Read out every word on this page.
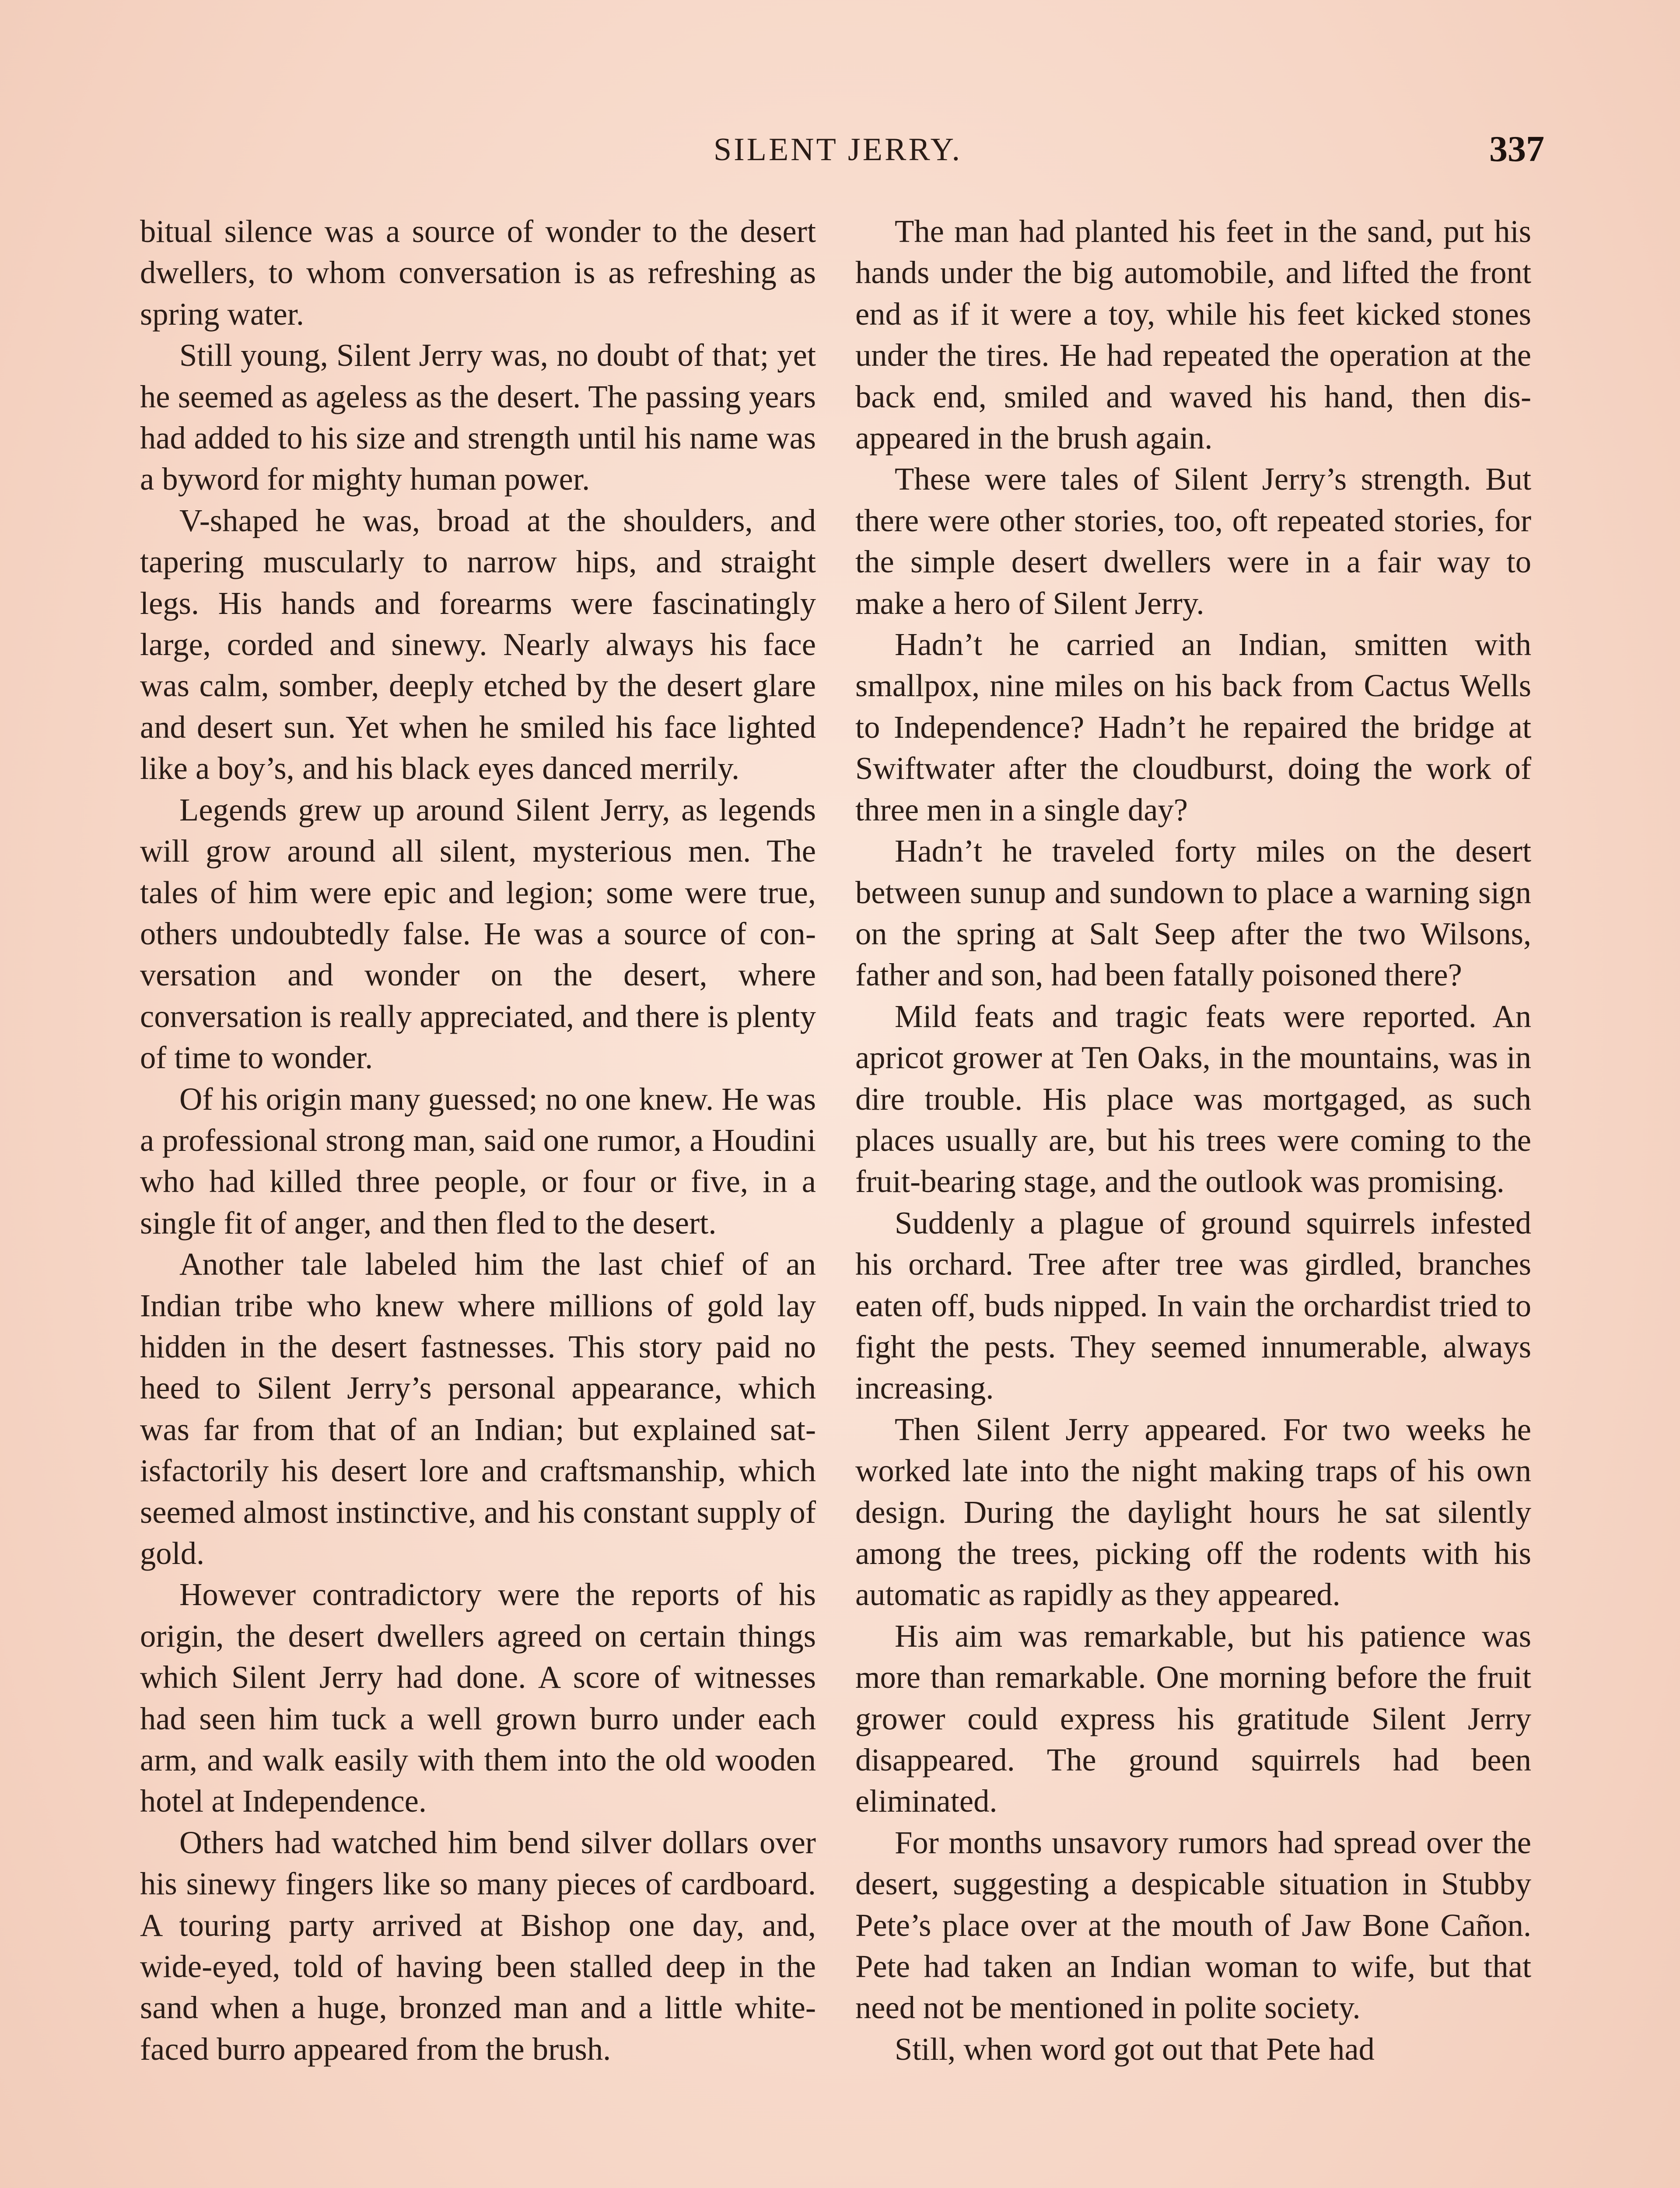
SILENT JERRY.	337

bitual silence was a source of wonder to the desert dwellers, to whom conversation is as refreshing as spring water.

Still young, Silent Jerry was, no doubt of that; yet he seemed as ageless as the desert. The passing years had added to his size and strength until his name was a byword for mighty human power.

V-shaped he was, broad at the shoulders, and tapering muscularly to narrow hips, and straight legs. His hands and forearms were fascinatingly large, corded and sinewy. Nearly always his face was calm, somber, deeply etched by the desert glare and desert sun. Yet when he smiled his face lighted like a boy’s, and his black eyes danced merrily.

Legends grew up around Silent Jerry, as legends will grow around all silent, mysterious men. The tales of him were epic and legion; some were true, others undoubtedly false. He was a source of conversation and wonder on the desert, where conversation is really appreciated, and there is plenty of time to wonder.

Of his origin many guessed; no one knew. He was a professional strong man, said one rumor, a Houdini who had killed three people, or four or five, in a single fit of anger, and then fled to the desert.

Another tale labeled him the last chief of an Indian tribe who knew where millions of gold lay hidden in the desert fastnesses. This story paid no heed to Silent Jerry’s personal appearance, which was far from that of an Indian; but explained satisfactorily his desert lore and craftsmanship, which seemed almost instinctive, and his constant supply of gold.

However contradictory were the reports of his origin, the desert dwellers agreed on certain things which Silent Jerry had done. A score of witnesses had seen him tuck a well grown burro under each arm, and walk easily with them into the old wooden hotel at Independence.

Others had watched him bend silver dollars over his sinewy fingers like so many pieces of cardboard. A touring party arrived at Bishop one day, and, wide-eyed, told of having been stalled deep in the sand when a huge, bronzed man and a little white-faced burro appeared from the brush.

The man had planted his feet in the sand, put his hands under the big automobile, and lifted the front end as if it were a toy, while his feet kicked stones under the tires. He had repeated the operation at the back end, smiled and waved his hand, then disappeared in the brush again.

These were tales of Silent Jerry’s strength. But there were other stories, too, oft repeated stories, for the simple desert dwellers were in a fair way to make a hero of Silent Jerry.

Hadn’t he carried an Indian, smitten with smallpox, nine miles on his back from Cactus Wells to Independence? Hadn’t he repaired the bridge at Swiftwater after the cloudburst, doing the work of three men in a single day?

Hadn’t he traveled forty miles on the desert between sunup and sundown to place a warning sign on the spring at Salt Seep after the two Wilsons, father and son, had been fatally poisoned there?

Mild feats and tragic feats were reported. An apricot grower at Ten Oaks, in the mountains, was in dire trouble. His place was mortgaged, as such places usually are, but his trees were coming to the fruit-bearing stage, and the outlook was promising.

Suddenly a plague of ground squirrels infested his orchard. Tree after tree was girdled, branches eaten off, buds nipped. In vain the orchardist tried to fight the pests. They seemed innumerable, always increasing.

Then Silent Jerry appeared. For two weeks he worked late into the night making traps of his own design. During the daylight hours he sat silently among the trees, picking off the rodents with his automatic as rapidly as they appeared.

His aim was remarkable, but his patience was more than remarkable. One morning before the fruit grower could express his gratitude Silent Jerry disappeared. The ground squirrels had been eliminated.

For months unsavory rumors had spread over the desert, suggesting a despicable situation in Stubby Pete’s place over at the mouth of Jaw Bone Cañon. Pete had taken an Indian woman to wife, but that need not be mentioned in polite society.

Still, when word got out that Pete had
